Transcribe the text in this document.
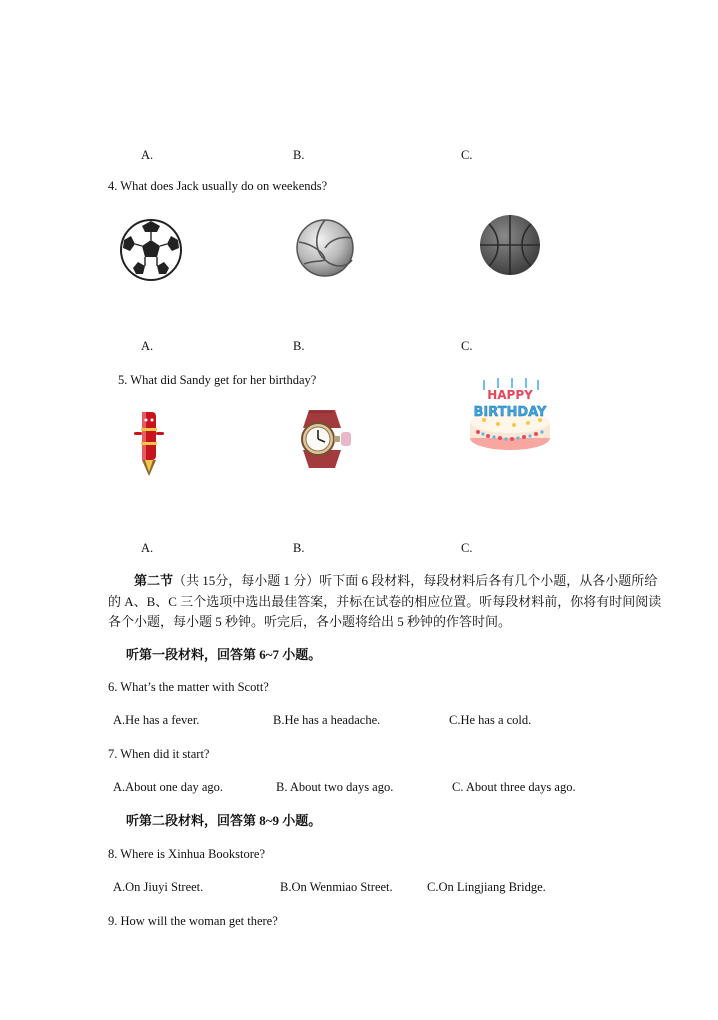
A.	B.	C.
4. What does Jack usually do on weekends?
A.	B.	C.
5. What did Sandy get for her birthday?
HAPPY
BIRTHDAY
A.	B.	C.
第二节（共 15分，每小题 1 分）听下面 6 段材料，每段材料后各有几个小题，从各小题所给的 A、B、C 三个选项中选出最佳答案，并标在试卷的相应位置。听每段材料前，你将有时间阅读各个小题，每小题 5 秒钟。听完后，各小题将给出 5 秒钟的作答时间。
听第一段材料，回答第 6~7 小题。
6. What’s the matter with Scott?
A.He has a fever.	B.He has a headache.	C.He has a cold.
7. When did it start?
A.About one day ago.	B. About two days ago.	C. About three days ago.
听第二段材料，回答第 8~9 小题。
8. Where is Xinhua Bookstore?
A.On Jiuyi Street.	B.On Wenmiao Street.	C.On Lingjiang Bridge.
9. How will the woman get there?
